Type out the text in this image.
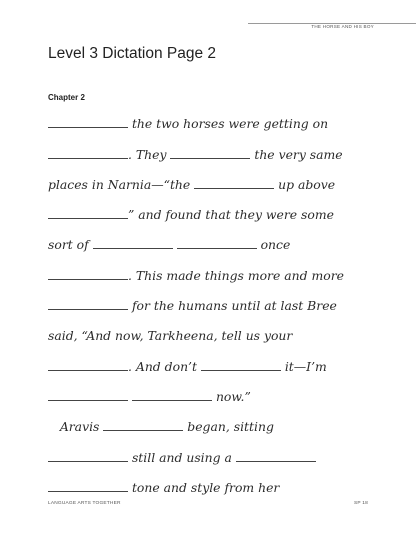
THE HORSE AND HIS BOY
Level 3 Dictation Page 2
Chapter 2
the two horses were getting on
. They	the very same
places in Narnia—“the	up above
” and found that they were some
sort of	once
. This made things more and more
for the humans until at last Bree
said, “And now, Tarkheena, tell us your
. And don’t	it—I’m
now.”
Aravis	began, sitting
still and using a
tone and style from her
LANGUAGE ARTS TOGETHER	SP 18
